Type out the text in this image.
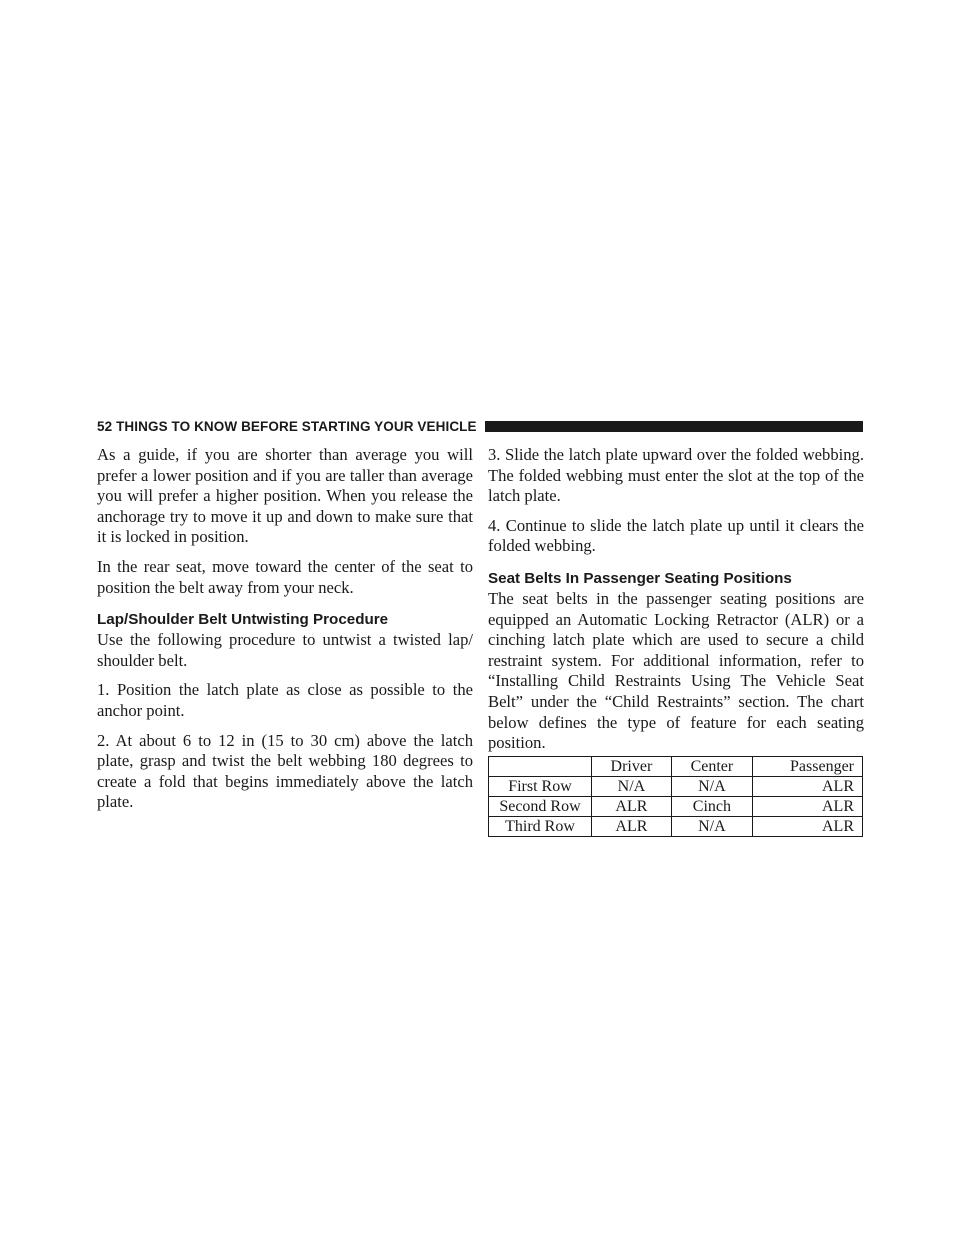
52 THINGS TO KNOW BEFORE STARTING YOUR VEHICLE

As a guide, if you are shorter than average you will prefer a lower position and if you are taller than average you will prefer a higher position. When you release the anchorage try to move it up and down to make sure that it is locked in position.

In the rear seat, move toward the center of the seat to position the belt away from your neck.

Lap/Shoulder Belt Untwisting Procedure

Use the following procedure to untwist a twisted lap/ shoulder belt.

1. Position the latch plate as close as possible to the anchor point.

2. At about 6 to 12 in (15 to 30 cm) above the latch plate, grasp and twist the belt webbing 180 degrees to create a fold that begins immediately above the latch plate.

3. Slide the latch plate upward over the folded webbing. The folded webbing must enter the slot at the top of the latch plate.

4. Continue to slide the latch plate up until it clears the folded webbing.

Seat Belts In Passenger Seating Positions

The seat belts in the passenger seating positions are equipped an Automatic Locking Retractor (ALR) or a cinching latch plate which are used to secure a child restraint system. For additional information, refer to “Installing Child Restraints Using The Vehicle Seat Belt” under the “Child Restraints” section. The chart below defines the type of feature for each seating position.

	Driver	Center	Passenger
First Row	N/A	N/A	ALR
Second Row	ALR	Cinch	ALR
Third Row	ALR	N/A	ALR
